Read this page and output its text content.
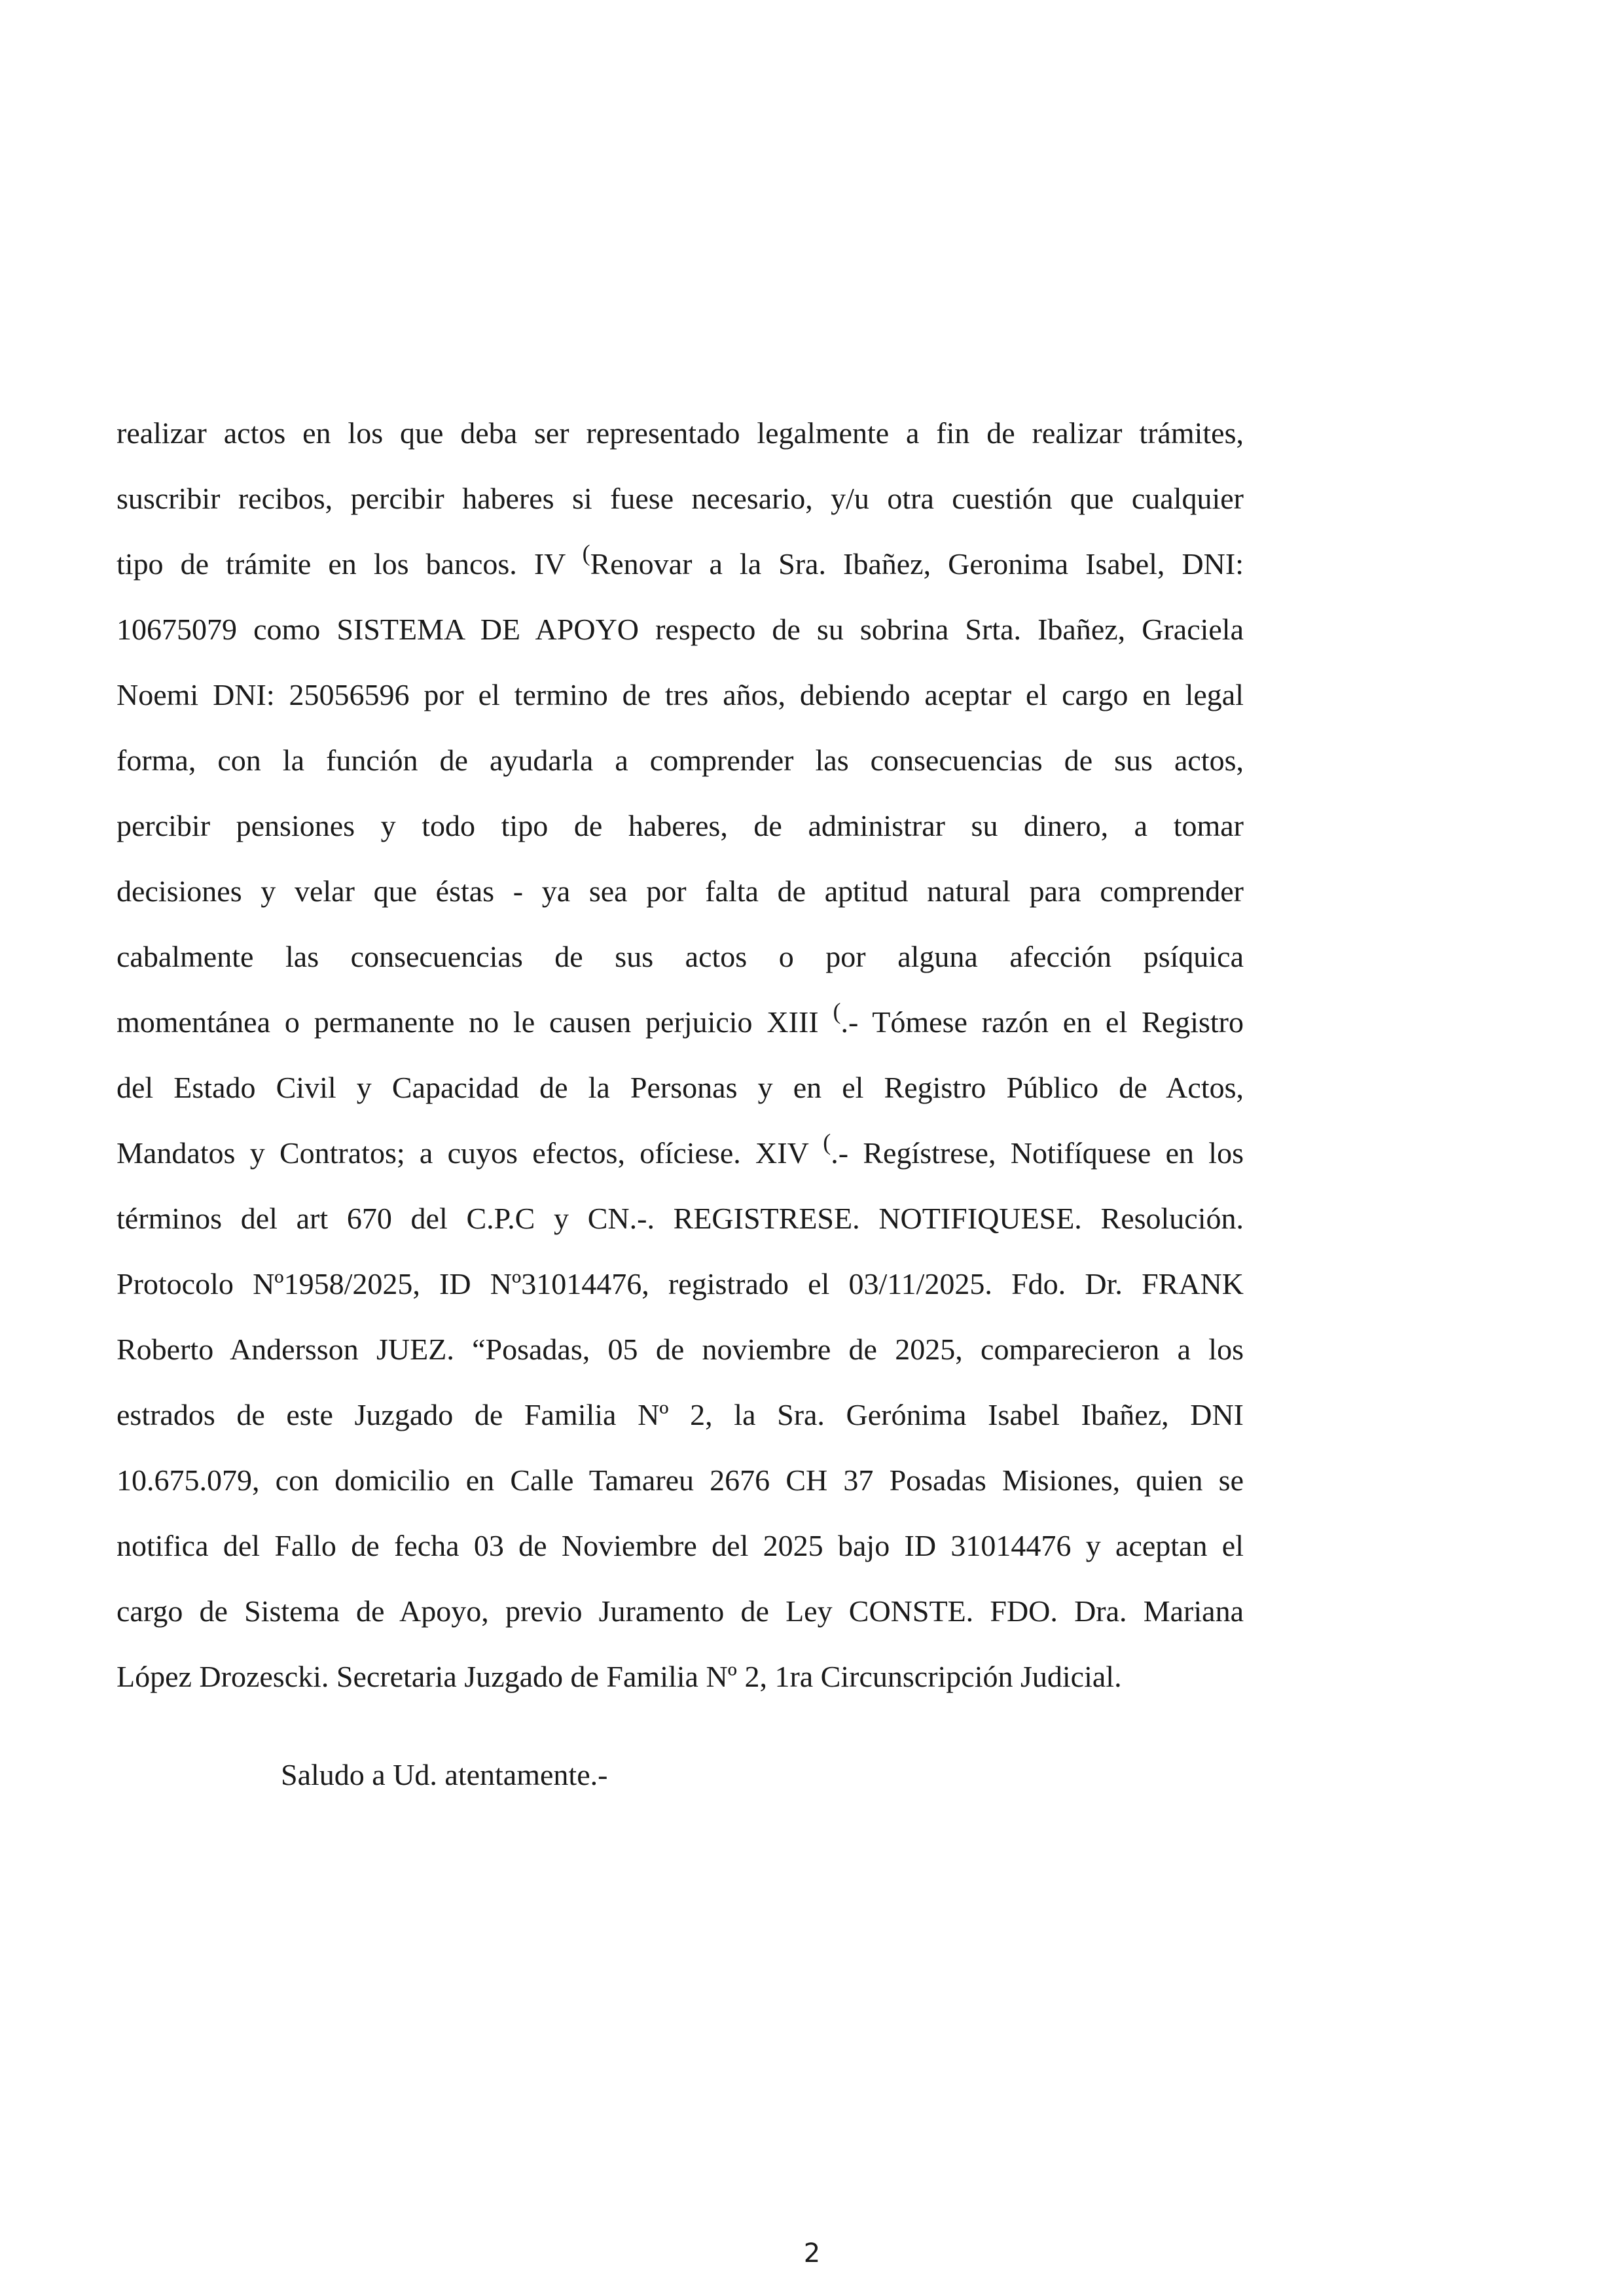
realizar actos en los que deba ser representado legalmente a fin de realizar trámites,
suscribir recibos, percibir haberes si fuese necesario, y/u otra cuestión que cualquier
tipo de trámite en los bancos. IV (Renovar a la Sra. Ibañez, Geronima Isabel, DNI:
10675079 como SISTEMA DE APOYO respecto de su sobrina Srta. Ibañez, Graciela
Noemi DNI: 25056596 por el termino de tres años, debiendo aceptar el cargo en legal
forma, con la función de ayudarla a comprender las consecuencias de sus actos,
percibir pensiones y todo tipo de haberes, de administrar su dinero, a tomar
decisiones y velar que éstas - ya sea por falta de aptitud natural para comprender
cabalmente las consecuencias de sus actos o por alguna afección psíquica
momentánea o permanente no le causen perjuicio XIII (.- Tómese razón en el Registro
del Estado Civil y Capacidad de la Personas y en el Registro Público de Actos,
Mandatos y Contratos; a cuyos efectos, ofíciese. XIV (.- Regístrese, Notifíquese en los
términos del art 670 del C.P.C y CN.-. REGISTRESE. NOTIFIQUESE. Resolución.
Protocolo Nº1958/2025, ID Nº31014476, registrado el 03/11/2025. Fdo. Dr. FRANK
Roberto Andersson JUEZ. “Posadas, 05 de noviembre de 2025, comparecieron a los
estrados de este Juzgado de Familia Nº 2, la Sra. Gerónima Isabel Ibañez, DNI
10.675.079, con domicilio en Calle Tamareu 2676 CH 37 Posadas Misiones, quien se
notifica del Fallo de fecha 03 de Noviembre del 2025 bajo ID 31014476 y aceptan el
cargo de Sistema de Apoyo, previo Juramento de Ley CONSTE. FDO. Dra. Mariana
López Drozescki. Secretaria Juzgado de Familia Nº 2, 1ra Circunscripción Judicial.

Saludo a Ud. atentamente.-

2
